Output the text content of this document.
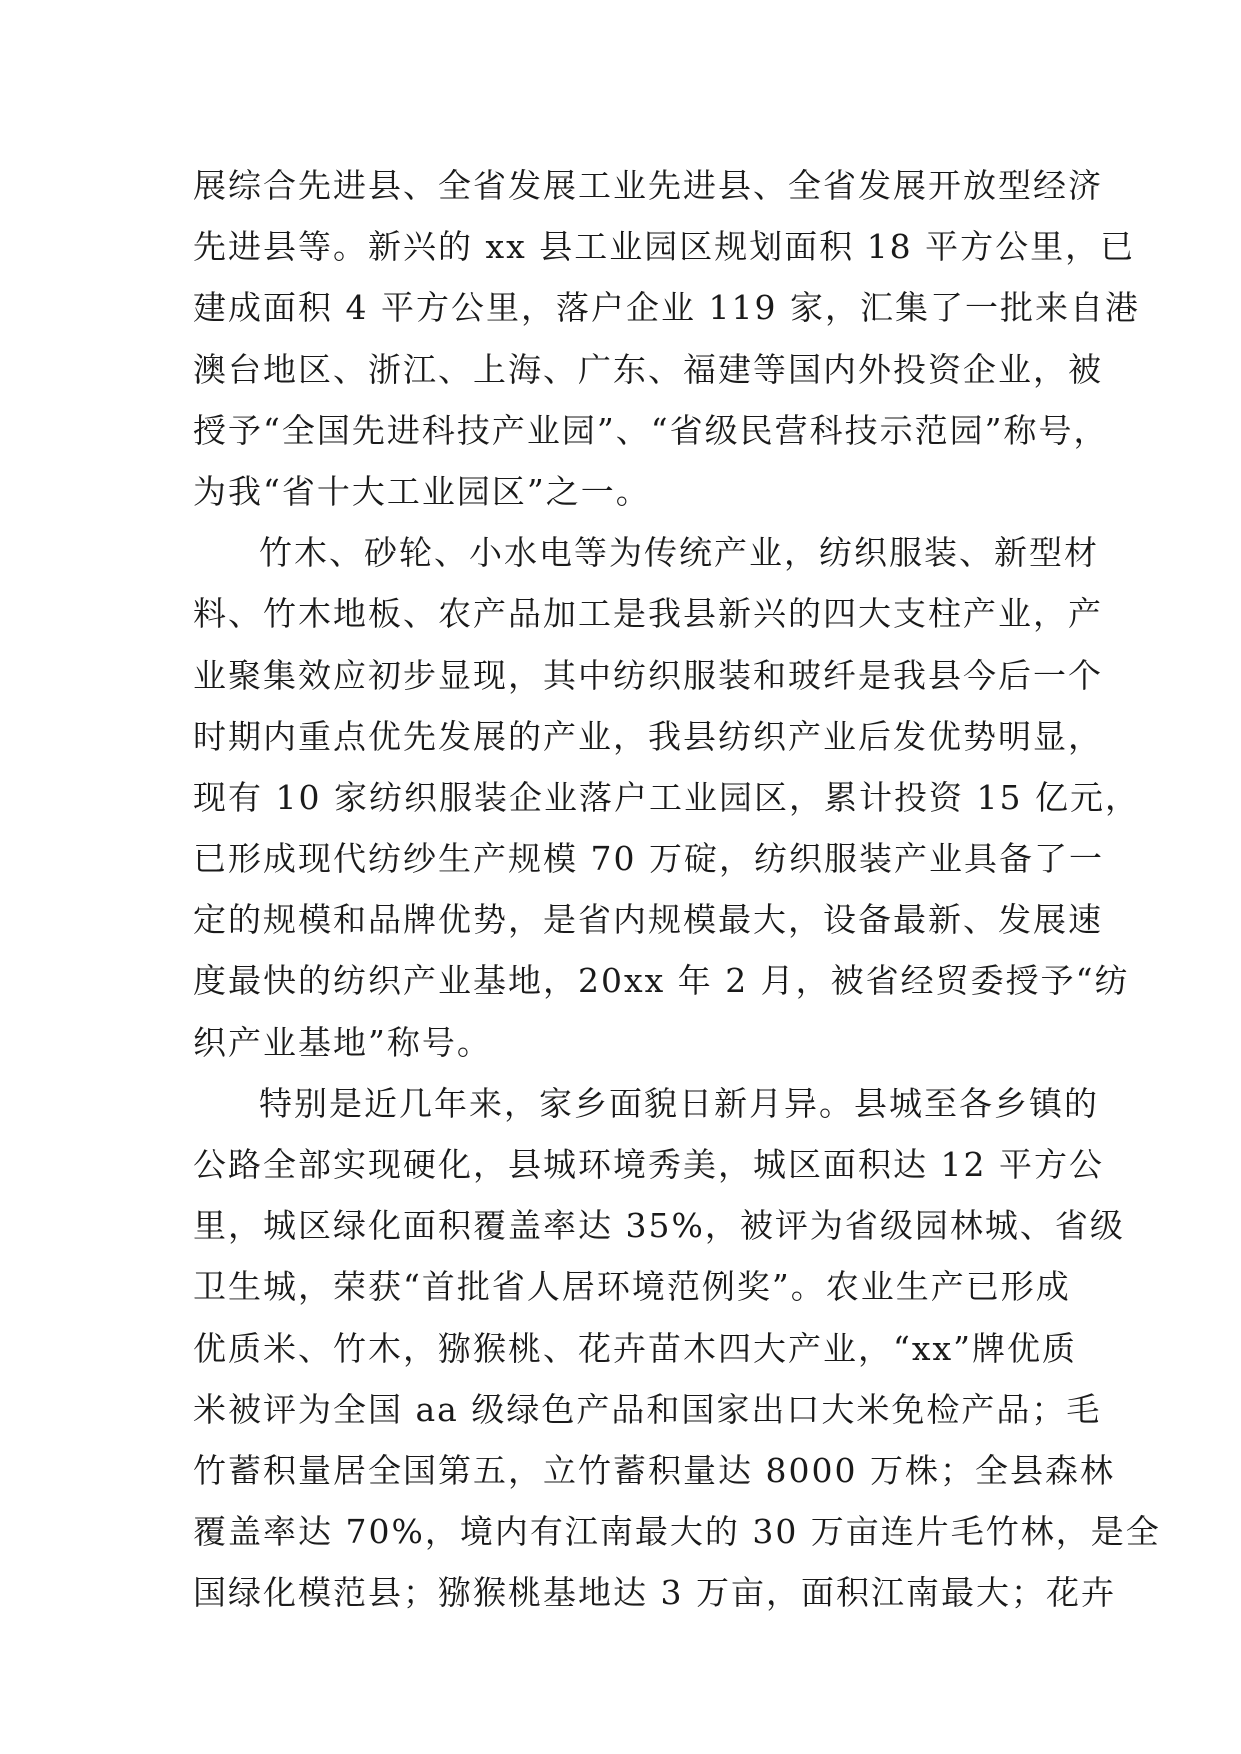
展综合先进县、全省发展工业先进县、全省发展开放型经济
先进县等。新兴的 xx 县工业园区规划面积 18 平方公里，已
建成面积 4 平方公里，落户企业 119 家，汇集了一批来自港
澳台地区、浙江、上海、广东、福建等国内外投资企业，被
授予“全国先进科技产业园”、“省级民营科技示范园”称号，
为我“省十大工业园区”之一。
竹木、砂轮、小水电等为传统产业，纺织服装、新型材
料、竹木地板、农产品加工是我县新兴的四大支柱产业，产
业聚集效应初步显现，其中纺织服装和玻纤是我县今后一个
时期内重点优先发展的产业，我县纺织产业后发优势明显，
现有 10 家纺织服装企业落户工业园区，累计投资 15 亿元，
已形成现代纺纱生产规模 70 万碇，纺织服装产业具备了一
定的规模和品牌优势，是省内规模最大，设备最新、发展速
度最快的纺织产业基地，20xx 年 2 月，被省经贸委授予“纺
织产业基地”称号。
特别是近几年来，家乡面貌日新月异。县城至各乡镇的
公路全部实现硬化，县城环境秀美，城区面积达 12 平方公
里，城区绿化面积覆盖率达 35%，被评为省级园林城、省级
卫生城，荣获“首批省人居环境范例奖”。农业生产已形成
优质米、竹木，猕猴桃、花卉苗木四大产业，“xx”牌优质
米被评为全国 aa 级绿色产品和国家出口大米免检产品；毛
竹蓄积量居全国第五，立竹蓄积量达 8000 万株；全县森林
覆盖率达 70%，境内有江南最大的 30 万亩连片毛竹林，是全
国绿化模范县；猕猴桃基地达 3 万亩，面积江南最大；花卉
